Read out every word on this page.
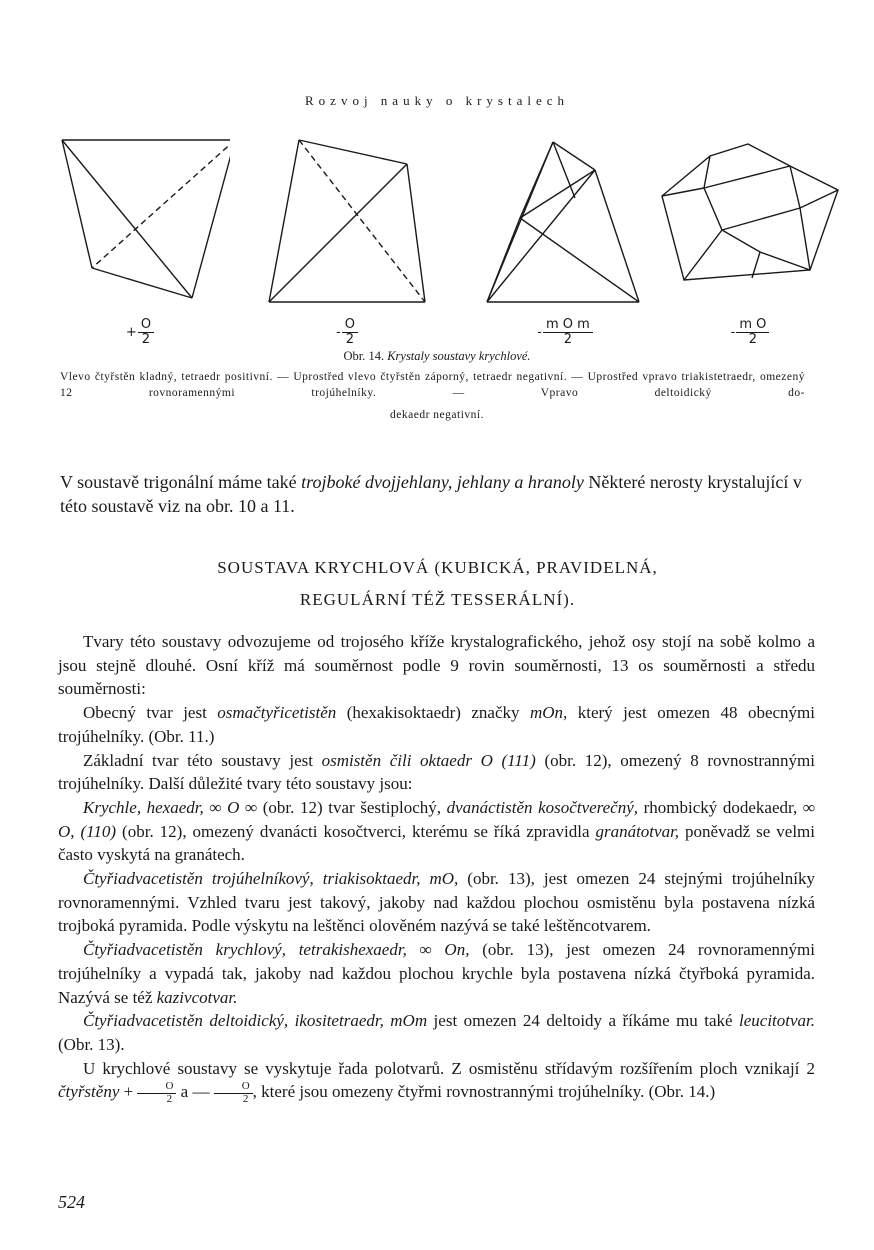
Rozvoj nauky o krystalech
+ $\frac{O}{2}$	- $\frac{O}{2}$	- $\frac{\text{m O m}}{2}$	- $\frac{\text{m O}}{2}$
Obr. 14. Krystaly soustavy krychlové.
Vlevo čtyřstěn kladný, tetraedr positivní. — Uprostřed vlevo čtyřstěn záporný, tetraedr negativní. — Uprostřed vpravo triakistetraedr, omezený 12 rovnoramennými trojúhelníky. — Vpravo deltoidický do-
dekaedr negativní.
V soustavě trigonální máme také trojboké dvojjehlany, jehlany a hranoly Některé nerosty krystalující v této soustavě viz na obr. 10 a 11.
SOUSTAVA KRYCHLOVÁ (KUBICKÁ, PRAVIDELNÁ,
REGULÁRNÍ TÉŽ TESSERÁLNÍ).

Tvary této soustavy odvozujeme od trojosého kříže krystalografického, jehož osy stojí na sobě kolmo a jsou stejně dlouhé. Osní kříž má souměrnost podle 9 rovin souměrnosti, 13 os souměrnosti a středu souměrnosti:

Obecný tvar jest osmačtyřicetistěn (hexakisoktaedr) značky mOn, který jest omezen 48 obecnými trojúhelníky. (Obr. 11.)

Základní tvar této soustavy jest osmistěn čili oktaedr O (111) (obr. 12), omezený 8 rovnostrannými trojúhelníky. Další důležité tvary této soustavy jsou:

Krychle, hexaedr, ∞ O ∞ (obr. 12) tvar šestiplochý, dvanáctistěn kosočtverečný, rhombický dodekaedr, ∞ O, (110) (obr. 12), omezený dvanácti kosočtverci, kterému se říká zpravidla granátotvar, poněvadž se velmi často vyskytá na granátech.

Čtyřiadvacetistěn trojúhelníkový, triakisoktaedr, mO, (obr. 13), jest omezen 24 stejnými trojúhelníky rovnoramennými. Vzhled tvaru jest takový, jakoby nad každou plochou osmistěnu byla postavena nízká trojboká pyramida. Podle výskytu na leštěnci olověném nazývá se také leštěncotvarem.

Čtyřiadvacetistěn krychlový, tetrakishexaedr, ∞ On, (obr. 13), jest omezen 24 rovnoramennými trojúhelníky a vypadá tak, jakoby nad každou plochou krychle byla postavena nízká čtyřboká pyramida. Nazývá se též kazivcotvar.

Čtyřiadvacetistěn deltoidický, ikositetraedr, mOm jest omezen 24 deltoidy a říkáme mu také leucitotvar. (Obr. 13).

U krychlové soustavy se vyskytuje řada polotvarů. Z osmistěnu střídavým rozšířením ploch vznikají 2 čtyřstěny + $\frac{O}{2}$ a — $\frac{O}{2}$ , které jsou omezeny čtyřmi rovnostrannými trojúhelníky. (Obr. 14.)

524
